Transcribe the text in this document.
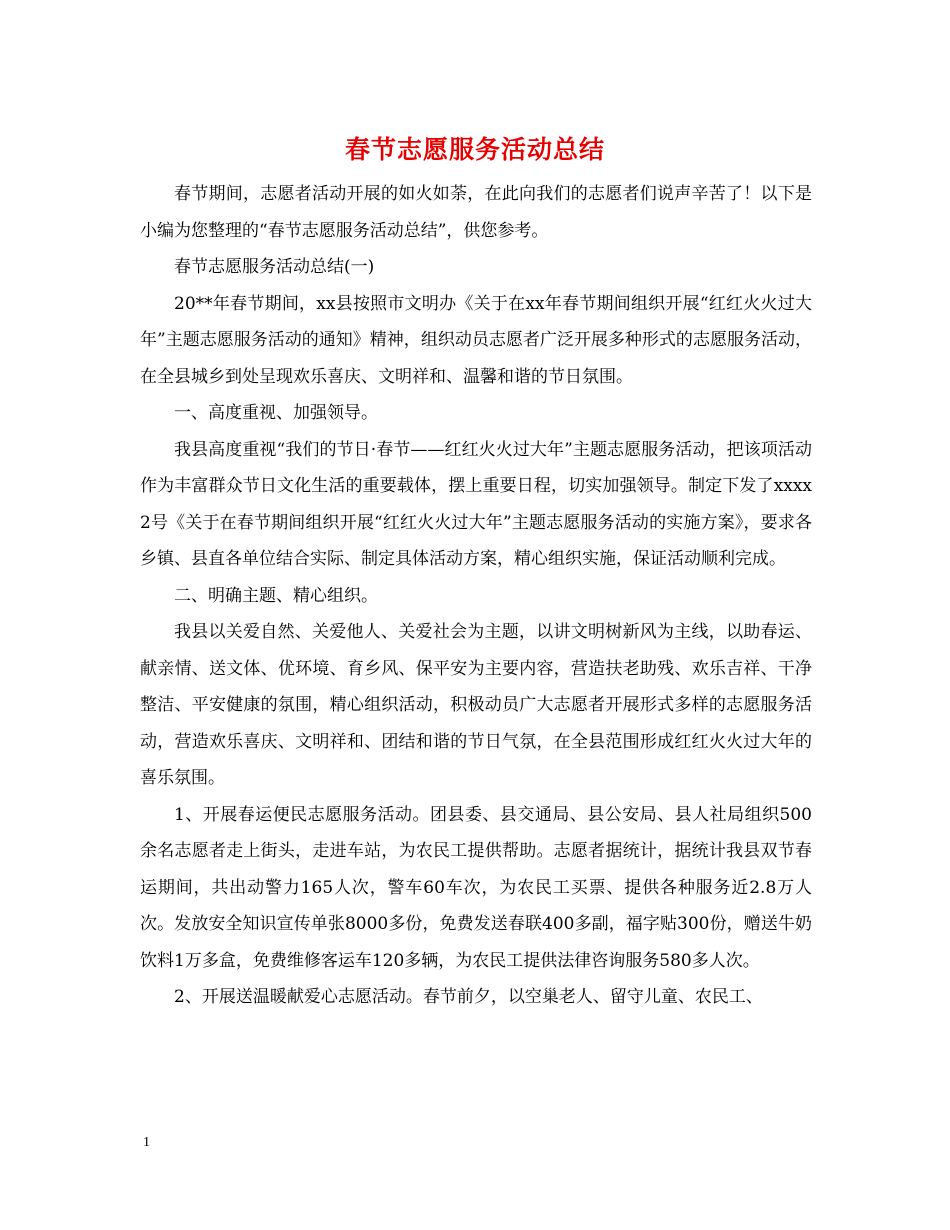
春节志愿服务活动总结

春节期间，志愿者活动开展的如火如荼，在此向我们的志愿者们说声辛苦了！以下是小编为您整理的“春节志愿服务活动总结”，供您参考。

春节志愿服务活动总结(一)

20**年春节期间，xx县按照市文明办《关于在xx年春节期间组织开展“红红火火过大年”主题志愿服务活动的通知》精神，组织动员志愿者广泛开展多种形式的志愿服务活动，在全县城乡到处呈现欢乐喜庆、文明祥和、温馨和谐的节日氛围。

一、高度重视、加强领导。

我县高度重视“我们的节日·春节——红红火火过大年”主题志愿服务活动，把该项活动作为丰富群众节日文化生活的重要载体，摆上重要日程，切实加强领导。制定下发了xxxx2号《关于在春节期间组织开展“红红火火过大年”主题志愿服务活动的实施方案》，要求各乡镇、县直各单位结合实际、制定具体活动方案，精心组织实施，保证活动顺利完成。

二、明确主题、精心组织。

我县以关爱自然、关爱他人、关爱社会为主题，以讲文明树新风为主线，以助春运、献亲情、送文体、优环境、育乡风、保平安为主要内容，营造扶老助残、欢乐吉祥、干净整洁、平安健康的氛围，精心组织活动，积极动员广大志愿者开展形式多样的志愿服务活动，营造欢乐喜庆、文明祥和、团结和谐的节日气氛，在全县范围形成红红火火过大年的喜乐氛围。

1、开展春运便民志愿服务活动。团县委、县交通局、县公安局、县人社局组织500余名志愿者走上街头，走进车站，为农民工提供帮助。志愿者据统计，据统计我县双节春运期间，共出动警力165人次，警车60车次，为农民工买票、提供各种服务近2.8万人次。发放安全知识宣传单张8000多份，免费发送春联400多副，福字贴300份，赠送牛奶饮料1万多盒，免费维修客运车120多辆，为农民工提供法律咨询服务580多人次。

2、开展送温暖献爱心志愿活动。春节前夕，以空巢老人、留守儿童、农民工、

1
